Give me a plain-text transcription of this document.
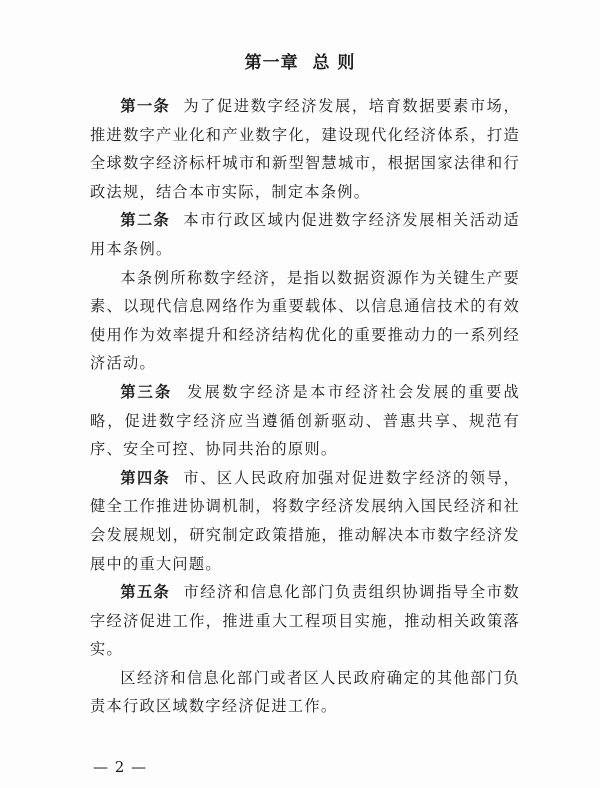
第一章  总 则

第一条 为了促进数字经济发展，培育数据要素市场，推进数字产业化和产业数字化，建设现代化经济体系，打造全球数字经济标杆城市和新型智慧城市，根据国家法律和行政法规，结合本市实际，制定本条例。

第二条 本市行政区域内促进数字经济发展相关活动适用本条例。

本条例所称数字经济，是指以数据资源作为关键生产要素、以现代信息网络作为重要载体、以信息通信技术的有效使用作为效率提升和经济结构优化的重要推动力的一系列经济活动。

第三条 发展数字经济是本市经济社会发展的重要战略，促进数字经济应当遵循创新驱动、普惠共享、规范有序、安全可控、协同共治的原则。

第四条 市、区人民政府加强对促进数字经济的领导，健全工作推进协调机制，将数字经济发展纳入国民经济和社会发展规划，研究制定政策措施，推动解决本市数字经济发展中的重大问题。

第五条 市经济和信息化部门负责组织协调指导全市数字经济促进工作，推进重大工程项目实施，推动相关政策落实。

区经济和信息化部门或者区人民政府确定的其他部门负责本行政区域数字经济促进工作。

— 2 —
